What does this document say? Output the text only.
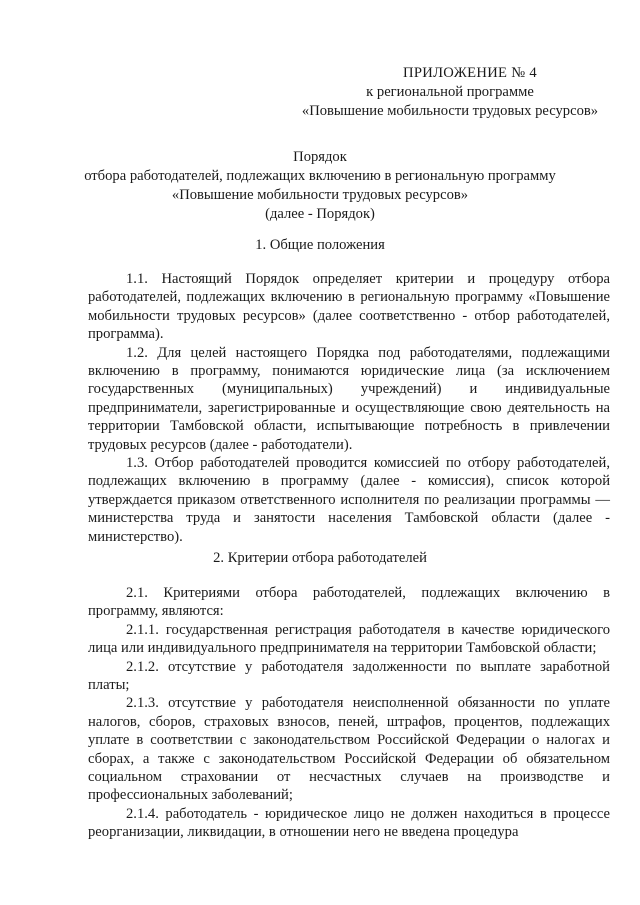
ПРИЛОЖЕНИЕ № 4
к региональной программе
«Повышение мобильности трудовых ресурсов»
Порядок
отбора работодателей, подлежащих включению в региональную программу
«Повышение мобильности трудовых ресурсов»
(далее - Порядок)
1. Общие положения

1.1. Настоящий Порядок определяет критерии и процедуру отбора работодателей, подлежащих включению в региональную программу «Повышение мобильности трудовых ресурсов» (далее соответственно - отбор работодателей, программа).

1.2. Для целей настоящего Порядка под работодателями, подлежащими включению в программу, понимаются юридические лица (за исключением государственных (муниципальных) учреждений) и индивидуальные предприниматели, зарегистрированные и осуществляющие свою деятельность на территории Тамбовской области, испытывающие потребность в привлечении трудовых ресурсов (далее - работодатели).

1.3. Отбор работодателей проводится комиссией по отбору работодателей, подлежащих включению в программу (далее - комиссия), список которой утверждается приказом ответственного исполнителя по реализации программы — министерства труда и занятости населения Тамбовской области (далее - министерство).

2. Критерии отбора работодателей

2.1. Критериями отбора работодателей, подлежащих включению в программу, являются:

2.1.1. государственная регистрация работодателя в качестве юридического лица или индивидуального предпринимателя на территории Тамбовской области;

2.1.2. отсутствие у работодателя задолженности по выплате заработной платы;

2.1.3. отсутствие у работодателя неисполненной обязанности по уплате налогов, сборов, страховых взносов, пеней, штрафов, процентов, подлежащих уплате в соответствии с законодательством Российской Федерации о налогах и сборах, а также с законодательством Российской Федерации об обязательном социальном страховании от несчастных случаев на производстве и профессиональных заболеваний;

2.1.4. работодатель - юридическое лицо не должен находиться в процессе реорганизации, ликвидации, в отношении него не введена процедура
